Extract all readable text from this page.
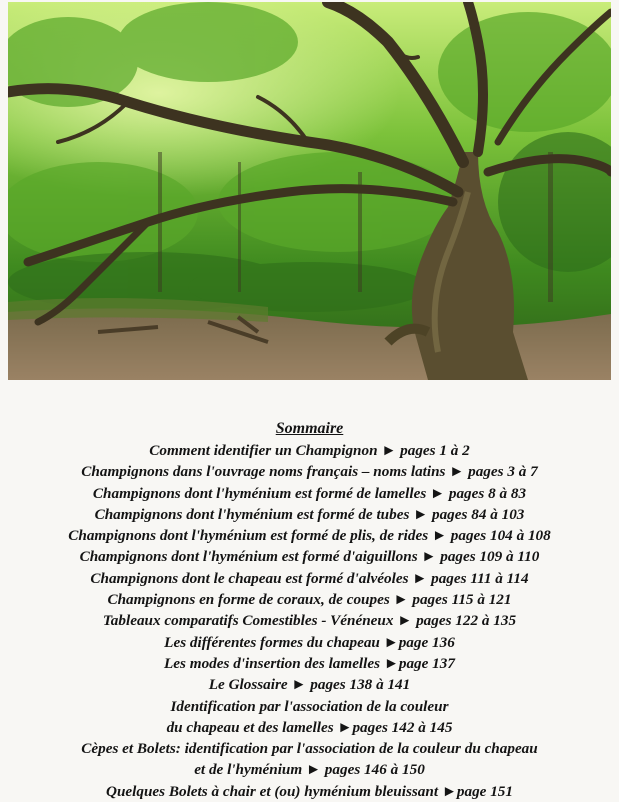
Sommaire
Comment identifier un Champignon ► pages 1 à 2
Champignons dans l'ouvrage noms français – noms latins ► pages 3 à 7
Champignons dont l'hyménium est formé de lamelles ► pages 8 à 83
Champignons dont l'hyménium est formé de tubes ► pages 84 à 103
Champignons dont l'hyménium est formé de plis, de rides ► pages 104 à 108
Champignons dont l'hyménium est formé d'aiguillons ► pages 109 à 110
Champignons dont le chapeau est formé d'alvéoles ► pages 111 à 114
Champignons en forme de coraux, de coupes ► pages 115 à 121
Tableaux comparatifs Comestibles - Vénéneux ► pages 122 à 135
Les différentes formes du chapeau ►page 136
Les modes d'insertion des lamelles ►page 137
Le Glossaire ► pages 138 à 141
Identification par l'association de la couleur
du chapeau et des lamelles ►pages 142 à 145
Cèpes et Bolets: identification par l'association de la couleur du chapeau
et de l'hyménium ► pages 146 à 150
Quelques Bolets à chair et (ou) hyménium bleuissant ►page 151
